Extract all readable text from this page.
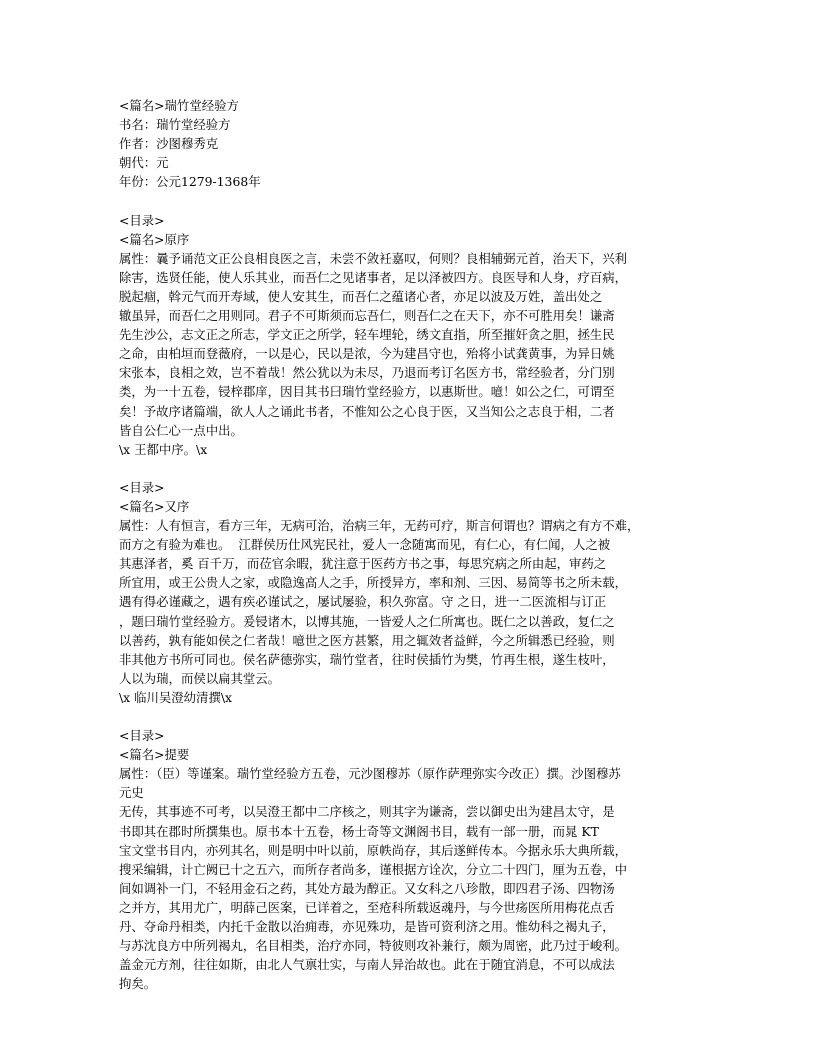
<篇名>瑞竹堂经验方
书名：瑞竹堂经验方
作者：沙图穆秀克
朝代：元
年份：公元1279-1368年
<目录>
<篇名>原序
属性：曩予诵范文正公良相良医之言，未尝不敛衽嘉叹，何则？良相辅弼元首，治天下，兴利
除害，选贤任能，使人乐其业，而吾仁之见诸事者，足以泽被四方。良医导和人身，疗百病，
脱起痼，斡元气而开寿域，使人安其生，而吾仁之蕴诸心者，亦足以波及万姓，盖出处之
辙虽异，而吾仁之用则同。君子不可斯须而忘吾仁，则吾仁之在天下，亦不可胜用矣！谦斋
先生沙公，志文正之所志，学文正之所学，轻车埋轮，绣文直指，所至摧奸贪之胆，拯生民
之命，由柏垣而登薇府，一以是心，民以是浓，今为建昌守也，殆将小试龚黄事，为异日姚
宋张本，良相之效，岂不着哉！然公犹以为未尽，乃退而考订名医方书，常经验者，分门别
类，为一十五卷，锓梓郡庠，因目其书曰瑞竹堂经验方，以惠斯世。噫！如公之仁，可谓至
矣！予故序诸篇端，欲人人之诵此书者，不惟知公之心良于医，又当知公之志良于相，二者
皆自公仁心一点中出。
\x 王都中序。\x
<目录>
<篇名>又序
属性：人有恒言，看方三年，无病可治，治病三年，无药可疗，斯言何谓也？谓病之有方不难，
而方之有验为难也。  江群侯历仕风宪民社，爱人一念随寓而见，有仁心，有仁闻，人之被
其惠泽者，奚 百千万，而莅官余暇，犹注意于医药方书之事，每思究病之所由起，审药之
所宜用，或王公贵人之家，或隐逸高人之手，所授异方，率和剂、三因、易简等书之所未载，
遇有得必谨藏之，遇有疾必谨试之，屡试屡验，积久弥富。守 之日，进一二医流相与订正
，题曰瑞竹堂经验方。爰锓诸木，以博其施，一皆爱人之仁所寓也。既仁之以善政，复仁之
以善药，孰有能如侯之仁者哉！噫世之医方甚繁，用之辄效者益鲜，今之所辑悉已经验，则
非其他方书所可同也。侯名萨德弥实，瑞竹堂者，往时侯插竹为樊，竹再生根，遂生枝叶，
人以为瑞，而侯以扁其堂云。
\x 临川吴澄幼清撰\x
<目录>
<篇名>提要
属性：（臣）等谨案。瑞竹堂经验方五卷，元沙图穆苏（原作萨理弥实今改正）撰。沙图穆苏
元史
无传，其事迹不可考，以吴澄王都中二序核之，则其字为谦斋，尝以御史出为建昌太守，是
书即其在郡时所撰集也。原书本十五卷，杨士奇等文渊阁书目，载有一部一册，而晁 KT
宝文堂书目内，亦列其名，则是明中叶以前，原帙尚存，其后遂鲜传本。今据永乐大典所载，
搜采编辑，计亡阙已十之五六，而所存者尚多，谨根据方诠次，分立二十四门，厘为五卷，中
间如调补一门，不轻用金石之药，其处方最为醇正。又女科之八珍散，即四君子汤、四物汤
之并方，其用尤广，明薛己医案，已详着之，至疮科所载返魂丹，与今世疡医所用梅花点舌
丹、夺命丹相类，内托千金散以治痈毒，亦见殊功，是皆可资利济之用。惟幼科之褐丸子，
与苏沈良方中所列褐丸，名目相类，治疗亦同，特彼则攻补兼行，颇为周密，此乃过于峻利。
盖金元方剂，往往如斯，由北人气禀壮实，与南人异治故也。此在于随宜消息，不可以成法
拘矣。
